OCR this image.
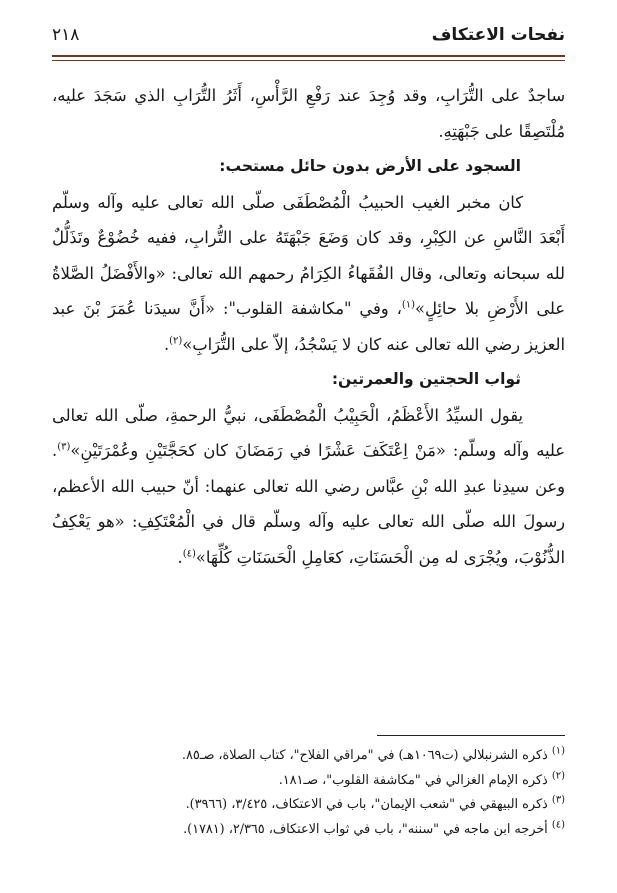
نفحات الاعتكاف
٢١٨

ساجدٌ على التُّرَابِ، وقد وُجِدَ عند رَفْعِ الرَّأْسِ، أَثَرُ التُّرَابِ الذي سَجَدَ عليه، مُلْتَصِقًا على جَبْهَتِهِ.

السجود على الأرض بدون حائل مستحب:

كان مخبر الغيب الحبيبُ الْمُصْطَفَى صلّى الله تعالى عليه وآله وسلّم أَبْعَدَ النَّاسِ عن الكِبْرِ، وقد كان وَضَعَ جَبْهَتَهُ على التُّرابِ، ففيه خُضُوْعٌ وتَذَلُّلٌ لله سبحانه وتعالى، وقال الفُقَهاءُ الكِرَامُ رحمهم الله تعالى: «والأَفْضَلُ الصَّلاةُ على الأَرْضِ بلا حائِلٍ»$^{(١)}$، وفي "مكاشفة القلوب": «أَنَّ سيدَنا عُمَرَ بْنَ عبد العزيز رضي الله تعالى عنه كان لا يَسْجُدُ، إلاّ على التُّرَابِ»$^{(٢)}$.

ثواب الحجتين والعمرتين:

يقول السيِّدُ الأَعْظَمُ، الْحَبِيْبُ الْمُصْطَفَى، نبيُّ الرحمةِ، صلّى الله تعالى عليه وآله وسلّم: «مَنْ اِعْتَكَفَ عَشْرًا في رَمَضَانَ كان كحَجَّتَيْنِ وعُمْرَتَيْنِ»$^{(٣)}$. وعن سيدِنا عبدِ الله بْنِ عبَّاس رضي الله تعالى عنهما: أنّ حبيب الله الأعظم، رسولَ الله صلّى الله تعالى عليه وآله وسلّم قال في الْمُعْتَكِفِ: «هو يَعْكِفُ الذُّنُوْبَ، ويُجْرَى له مِن الْحَسَنَاتِ، كعَامِلِ الْحَسَنَاتِ كُلِّهَا»$^{(٤)}$.

$^{(١)}$ ذكره الشرنبلالي (ت١٠٦٩هـ) في "مراقي الفلاح"، كتاب الصلاة، صـ٨٥.

$^{(٢)}$ ذكره الإمام الغزالي في "مكاشفة القلوب"، صـ١٨١.

$^{(٣)}$ ذكره البيهقي في "شعب الإيمان"، باب في الاعتكاف، ٣/٤٢٥، (٣٩٦٦).

$^{(٤)}$ أخرجه ابن ماجه في "سننه"، باب في ثواب الاعتكاف، ٢/٣٦٥، (١٧٨١).
